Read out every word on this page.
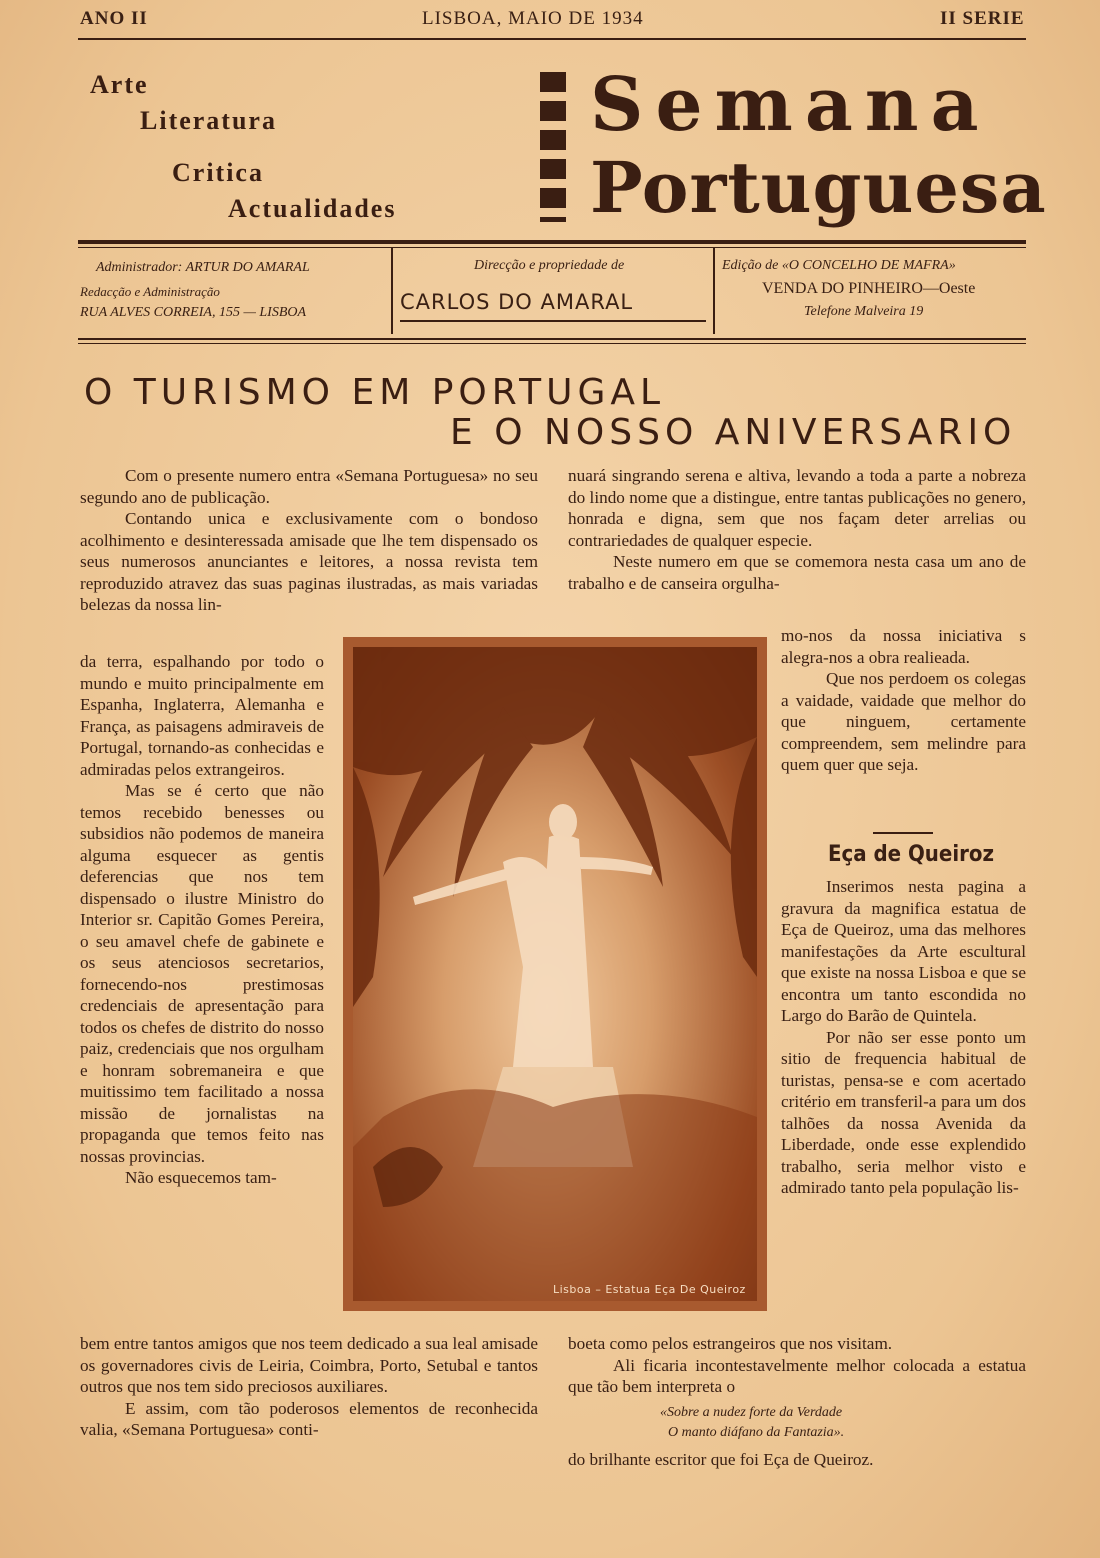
ANO II	LISBOA, MAIO DE 1934	II SERIE
Arte
Literatura
Critica
Actualidades
Semana
Portuguesa
Administrador: ARTUR DO AMARAL
Redacção e Administração
RUA ALVES CORREIA, 155 — LISBOA
Direcção e propriedade de
CARLOS DO AMARAL
Edição de «O CONCELHO DE MAFRA»
VENDA DO PINHEIRO—Oeste
Telefone Malveira 19
O TURISMO EM PORTUGAL
E O NOSSO ANIVERSARIO

Com o presente numero entra «Semana Portuguesa» no seu segundo ano de publicação.

Contando unica e exclusivamente com o bondoso acolhimento e desinteressada amisade que lhe tem dispensado os seus numerosos anunciantes e leitores, a nossa revista tem reproduzido atravez das suas paginas ilustradas, as mais variadas belezas da nossa lin-

da terra, espalhando por todo o mundo e muito principalmente em Espanha, Inglaterra, Alemanha e França, as paisagens admiraveis de Portugal, tornando-as conhecidas e admiradas pelos extrangeiros.

Mas se é certo que não temos recebido benesses ou subsidios não podemos de maneira alguma esquecer as gentis deferencias que nos tem dispensado o ilustre Ministro do Interior sr. Capitão Gomes Pereira, o seu amavel chefe de gabinete e os seus atenciosos secretarios, fornecendo-nos prestimosas credenciais de apresentação para todos os chefes de distrito do nosso paiz, credenciais que nos orgulham e honram sobremaneira e que muitissimo tem facilitado a nossa missão de jornalistas na propaganda que temos feito nas nossas provincias.

Não esquecemos tam-

bem entre tantos amigos que nos teem dedicado a sua leal amisade os governadores civis de Leiria, Coimbra, Porto, Setubal e tantos outros que nos tem sido preciosos auxiliares.

E assim, com tão poderosos elementos de reconhecida valia, «Semana Portuguesa» conti-

nuará singrando serena e altiva, levando a toda a parte a nobreza do lindo nome que a distingue, entre tantas publicações no genero, honrada e digna, sem que nos façam deter arrelias ou contrariedades de qualquer especie.

Neste numero em que se comemora nesta casa um ano de trabalho e de canseira orgulha-

mo-nos da nossa iniciativa s alegra-nos a obra realieada.

Que nos perdoem os colegas a vaidade, vaidade que melhor do que ninguem, certamente compreendem, sem melindre para quem quer que seja.

Eça de Queiroz

Inserimos nesta pagina a gravura da magnifica estatua de Eça de Queiroz, uma das melhores manifestações da Arte escultural que existe na nossa Lisboa e que se encontra um tanto escondida no Largo do Barão de Quintela.

Por não ser esse ponto um sitio de frequencia habitual de turistas, pensa-se e com acertado critério em transferil-a para um dos talhões da nossa Avenida da Liberdade, onde esse explendido trabalho, seria melhor visto e admirado tanto pela população lis-

boeta como pelos estrangeiros que nos visitam.

Ali ficaria incontestavelmente melhor colocada a estatua que tão bem interpreta o

«Sobre a nudez forte da Verdade
O manto diáfano da Fantazia».
do brilhante escritor que foi Eça de Queiroz.
Lisboa – Estatua Eça De Queiroz
